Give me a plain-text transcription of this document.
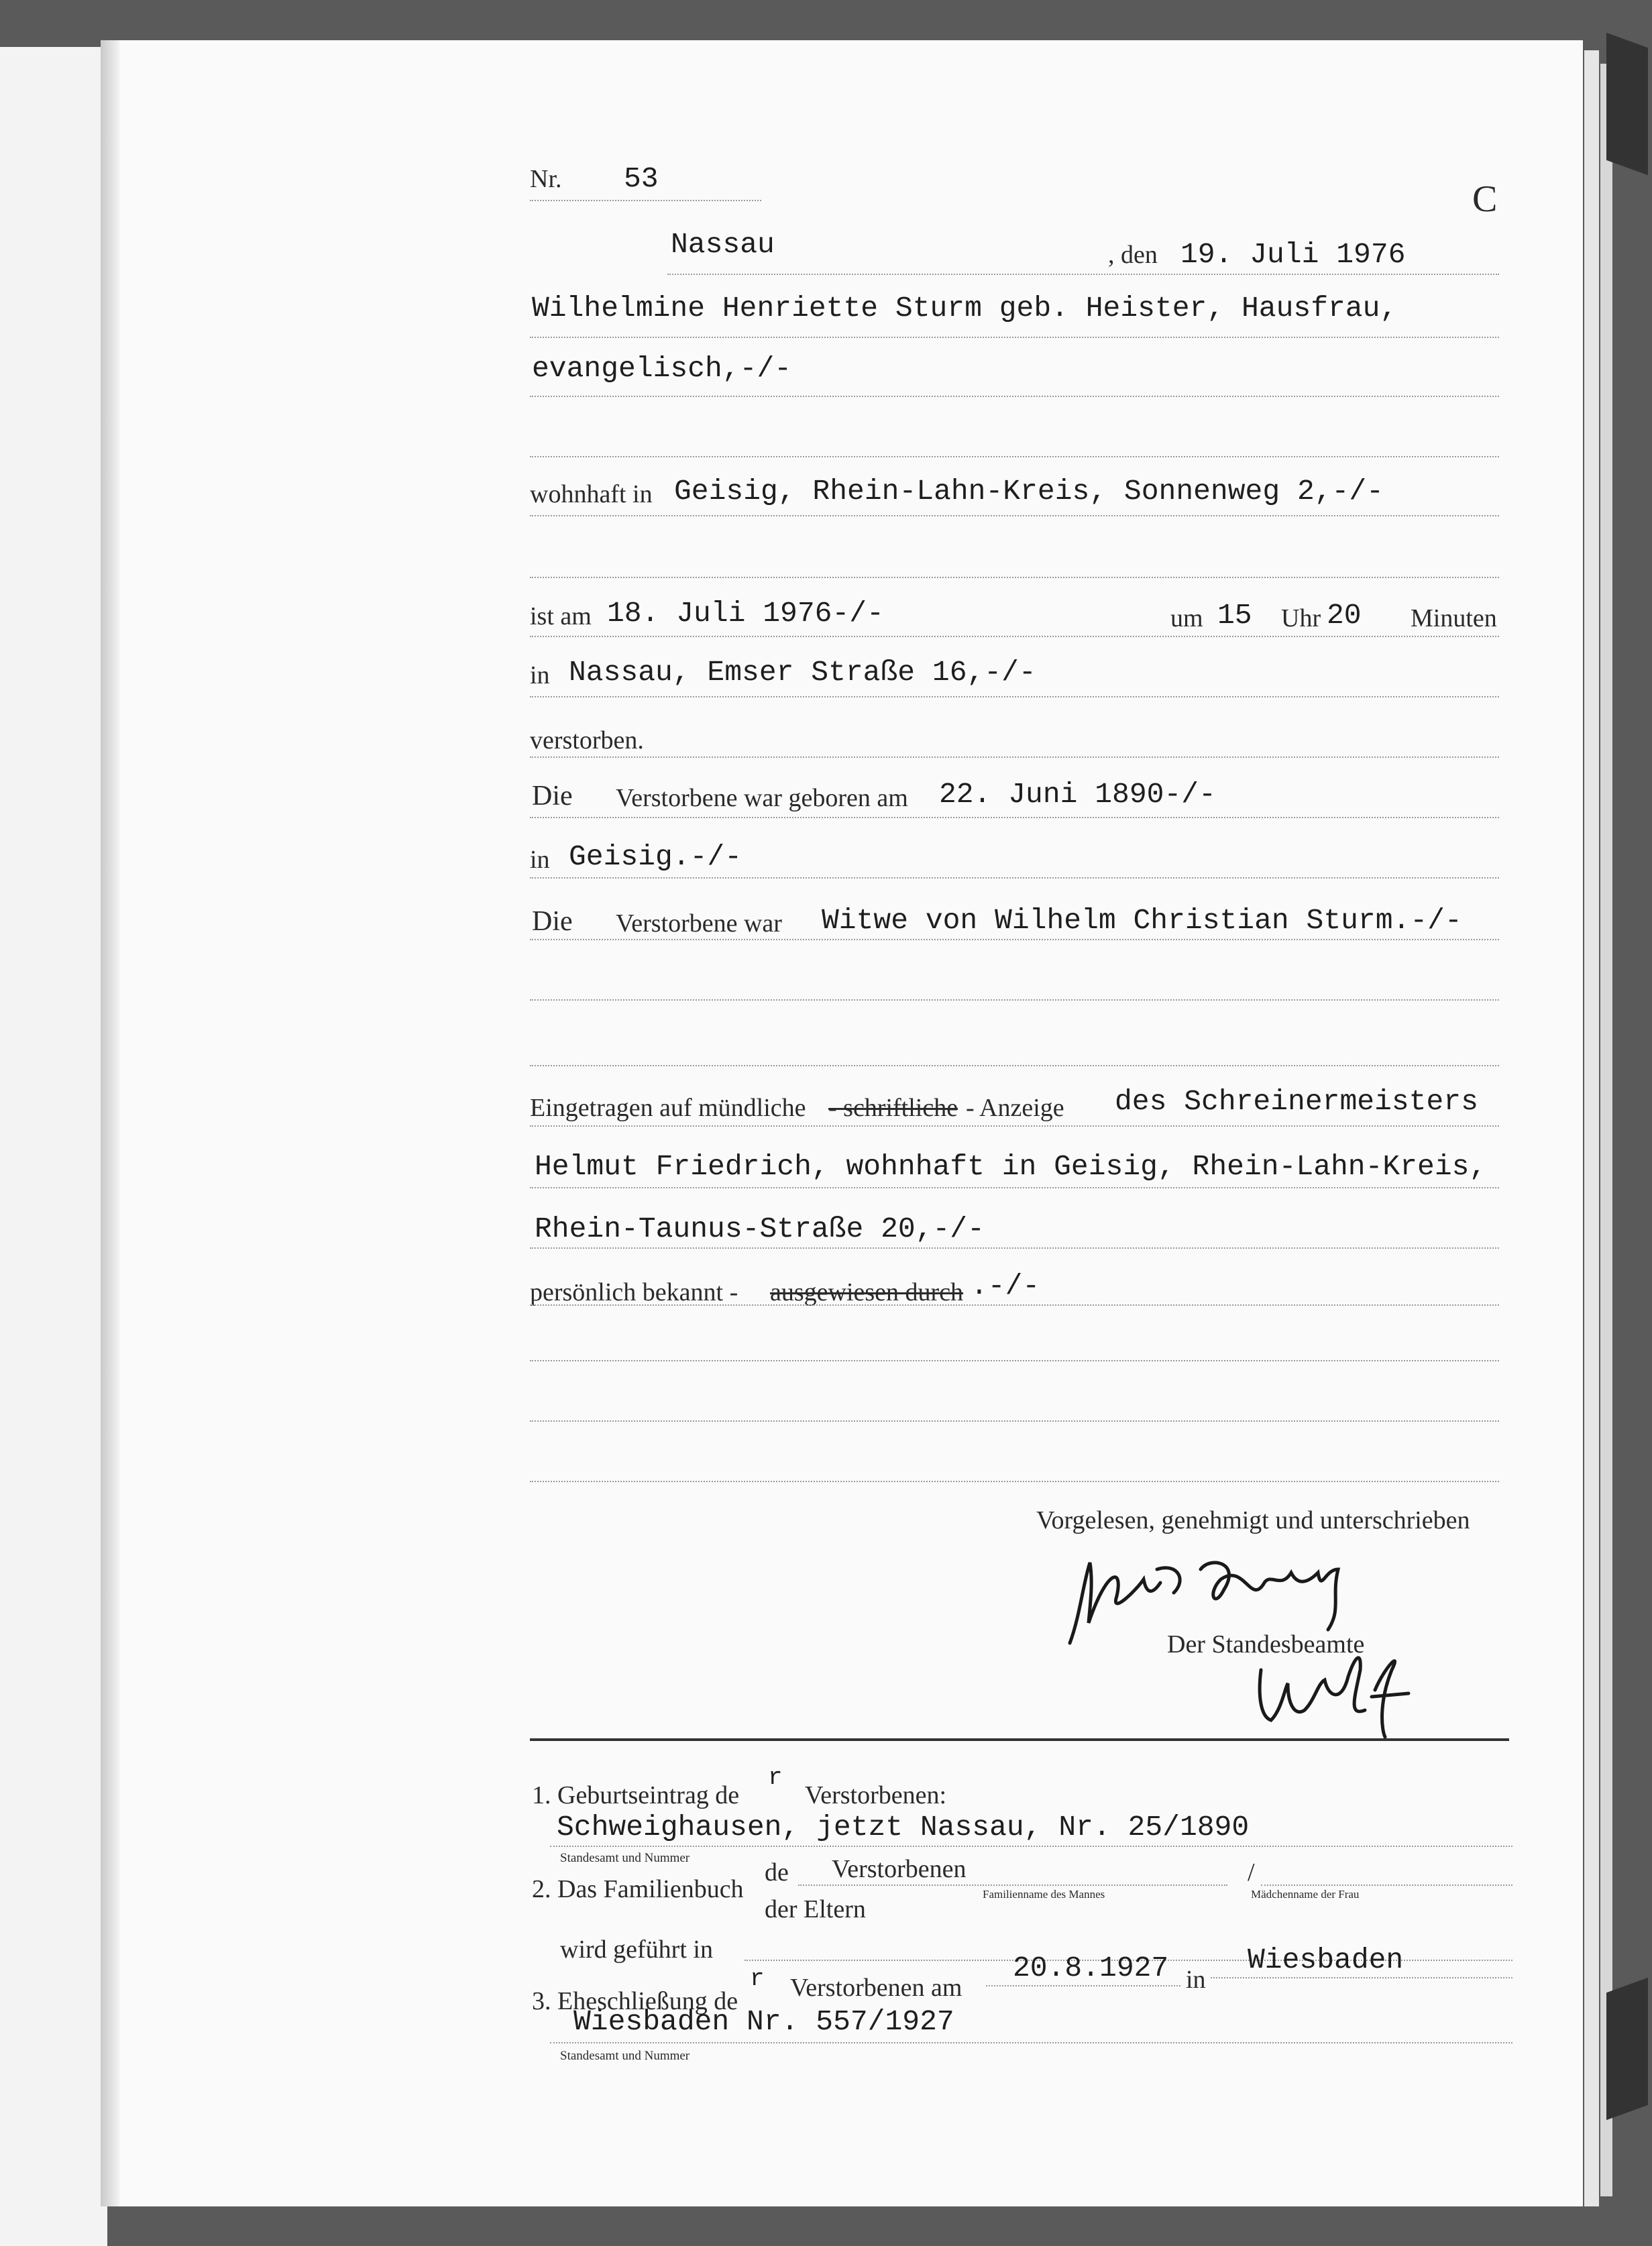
Nr. 53	C
Nassau	, den 19. Juli 1976
Wilhelmine Henriette Sturm geb. Heister, Hausfrau,
evangelisch,-/-
wohnhaft in Geisig, Rhein-Lahn-Kreis, Sonnenweg 2,-/-
ist am 18. Juli 1976-/-	um 15 Uhr 20 Minuten
in Nassau, Emser Straße 16,-/-
verstorben.
Die Verstorbene war geboren am 22. Juni 1890-/-
in Geisig.-/-
Die Verstorbene war Witwe von Wilhelm Christian Sturm.-/-
Eingetragen auf mündliche - schriftliche - Anzeige des Schreinermeisters
Helmut Friedrich, wohnhaft in Geisig, Rhein-Lahn-Kreis,
Rhein-Taunus-Straße 20,-/-
persönlich bekannt - ausgewiesen durch .-/-
Vorgelesen, genehmigt und unterschrieben
Der Standesbeamte
1. Geburtseintrag de
r
Verstorbenen:
Schweighausen, jetzt Nassau, Nr. 25/1890
Standesamt und Nummer
2. Das Familienbuch
de Verstorbenen	/
der Eltern
Familienname des Mannes	Mädchenname der Frau
wird geführt in
3. Eheschließung de
r Verstorbenen am
20.8.1927 in
Wiesbaden
Wiesbaden Nr. 557/1927
Standesamt und Nummer
